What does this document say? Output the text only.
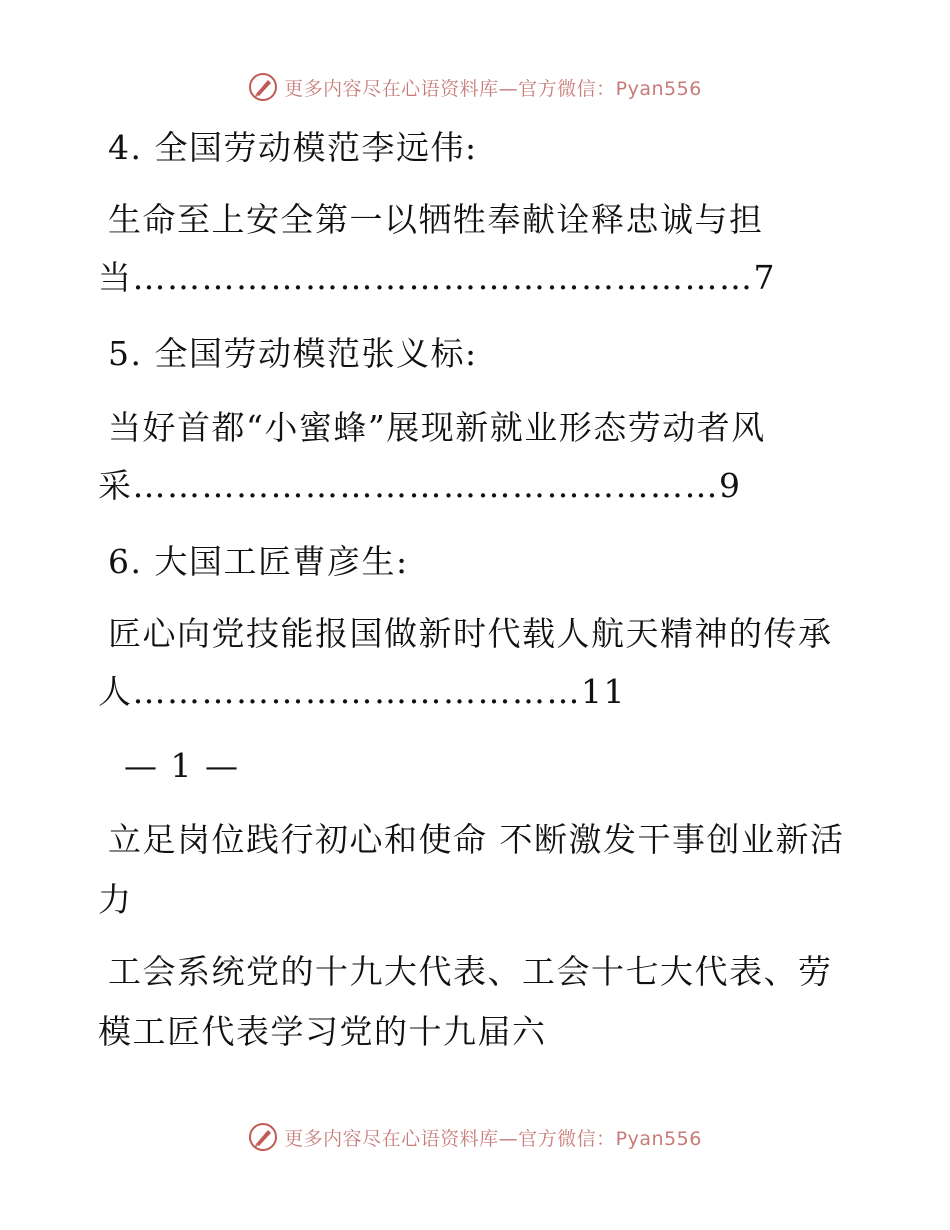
更多内容尽在心语资料库—官方微信：Pyan556
4. 全国劳动模范李远伟:
生命至上安全第一以牺牲奉献诠释忠诚与担
当………………………………………………7
5. 全国劳动模范张义标:
当好首都“小蜜蜂”展现新就业形态劳动者风
采……………………………………………9
6. 大国工匠曹彦生:
匠心向党技能报国做新时代载人航天精神的传承
人…………………………………11
— 1 —
立足岗位践行初心和使命 不断激发干事创业新活
力
工会系统党的十九大代表、工会十七大代表、劳
模工匠代表学习党的十九届六
更多内容尽在心语资料库—官方微信：Pyan556
